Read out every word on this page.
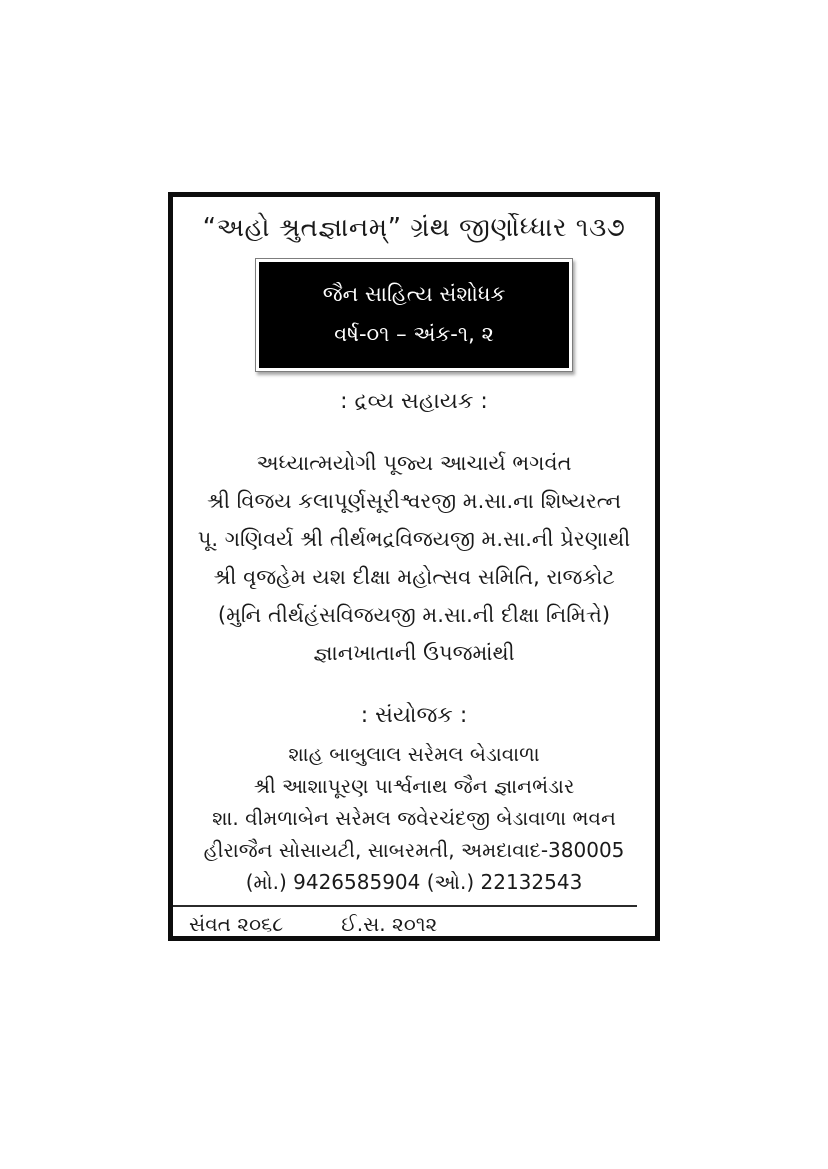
“અહો શ્રુતજ્ઞાનમ્” ગ્રંથ જીર્ણોધ્ધાર ૧૩૭
જૈન સાહિત્ય સંશોધક
વર્ષ-૦૧ – અંક-૧, ૨
: દ્રવ્ય સહાયક :
અધ્યાત્મયોગી પૂજ્ય આચાર્ય ભગવંત
શ્રી વિજય કલાપૂર્ણસૂરીશ્વરજી મ.સા.ના શિષ્યરત્ન
પૂ. ગણિવર્ય શ્રી તીર્થભદ્રવિજયજી મ.સા.ની પ્રેરણાથી
શ્રી વૃજહેમ યશ દીક્ષા મહોત્સવ સમિતિ, રાજકોટ
(મુનિ તીર્થહંસવિજયજી મ.સા.ની દીક્ષા નિમિત્તે)
જ્ઞાનખાતાની ઉપજમાંથી
: સંયોજક :
શાહ બાબુલાલ સરેમલ બેડાવાળા
શ્રી આશાપૂરણ પાર્શ્વનાથ જૈન જ્ઞાનભંડાર
શા. વીમળાબેન સરેમલ જવેરચંદજી બેડાવાળા ભવન
હીરાજૈન સોસાયટી, સાબરમતી, અમદાવાદ-380005
(મો.) 9426585904 (ઓ.) 22132543
સંવત ૨૦૬૮	ઈ.સ. ૨૦૧૨
